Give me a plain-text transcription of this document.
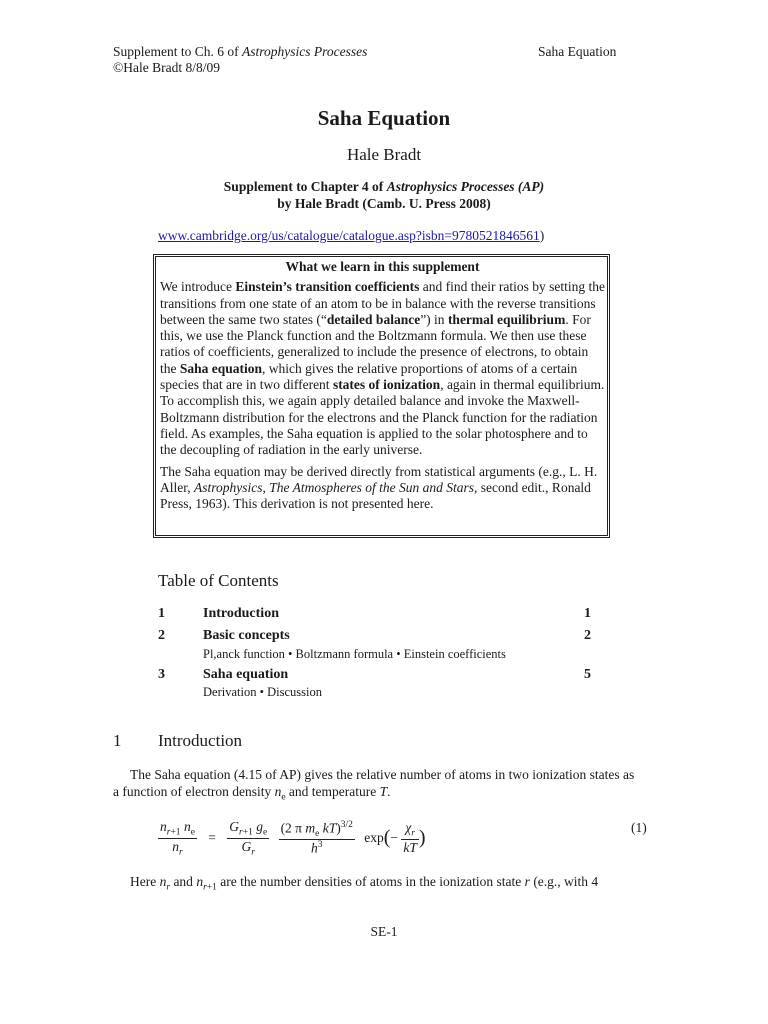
Supplement to Ch. 6 of Astrophysics Processes
©Hale Bradt 8/8/09
Saha Equation
Saha Equation
Hale Bradt
Supplement to Chapter 4 of Astrophysics Processes (AP)
by Hale Bradt (Camb. U. Press 2008)
www.cambridge.org/us/catalogue/catalogue.asp?isbn=9780521846561)
What we learn in this supplement

We introduce Einstein’s transition coefficients and find their ratios by setting the transitions from one state of an atom to be in balance with the reverse transitions between the same two states (“detailed balance”) in thermal equilibrium. For this, we use the Planck function and the Boltzmann formula. We then use these ratios of coefficients, generalized to include the presence of electrons, to obtain the Saha equation, which gives the relative proportions of atoms of a certain species that are in two different states of ionization, again in thermal equilibrium. To accomplish this, we again apply detailed balance and invoke the Maxwell-Boltzmann distribution for the electrons and the Planck function for the radiation field. As examples, the Saha equation is applied to the solar photosphere and to the decoupling of radiation in the early universe.

The Saha equation may be derived directly from statistical arguments (e.g., L. H. Aller, Astrophysics, The Atmospheres of the Sun and Stars, second edit., Ronald Press, 1963). This derivation is not presented here.

Table of Contents
1	Introduction	1
2	Basic concepts	2
Pl,anck function • Boltzmann formula • Einstein coefficients
3	Saha equation	5
Derivation • Discussion
1 Introduction
The Saha equation (4.15 of AP) gives the relative number of atoms in two ionization states as a function of electron density $n_e$ and temperature T.
$\frac{n_{r+1} n_e}{n_r} = \frac{G_{r+1} g_e}{G_r}$
$\frac{(2 \pi m_e kT)^{3/2}}{h^3} \exp(- \frac{\chi_r}{kT}$ )	(1)
Here $n_r$ and $n_{r+1}$ are the number densities of atoms in the ionization state r (e.g., with 4
SE-1
